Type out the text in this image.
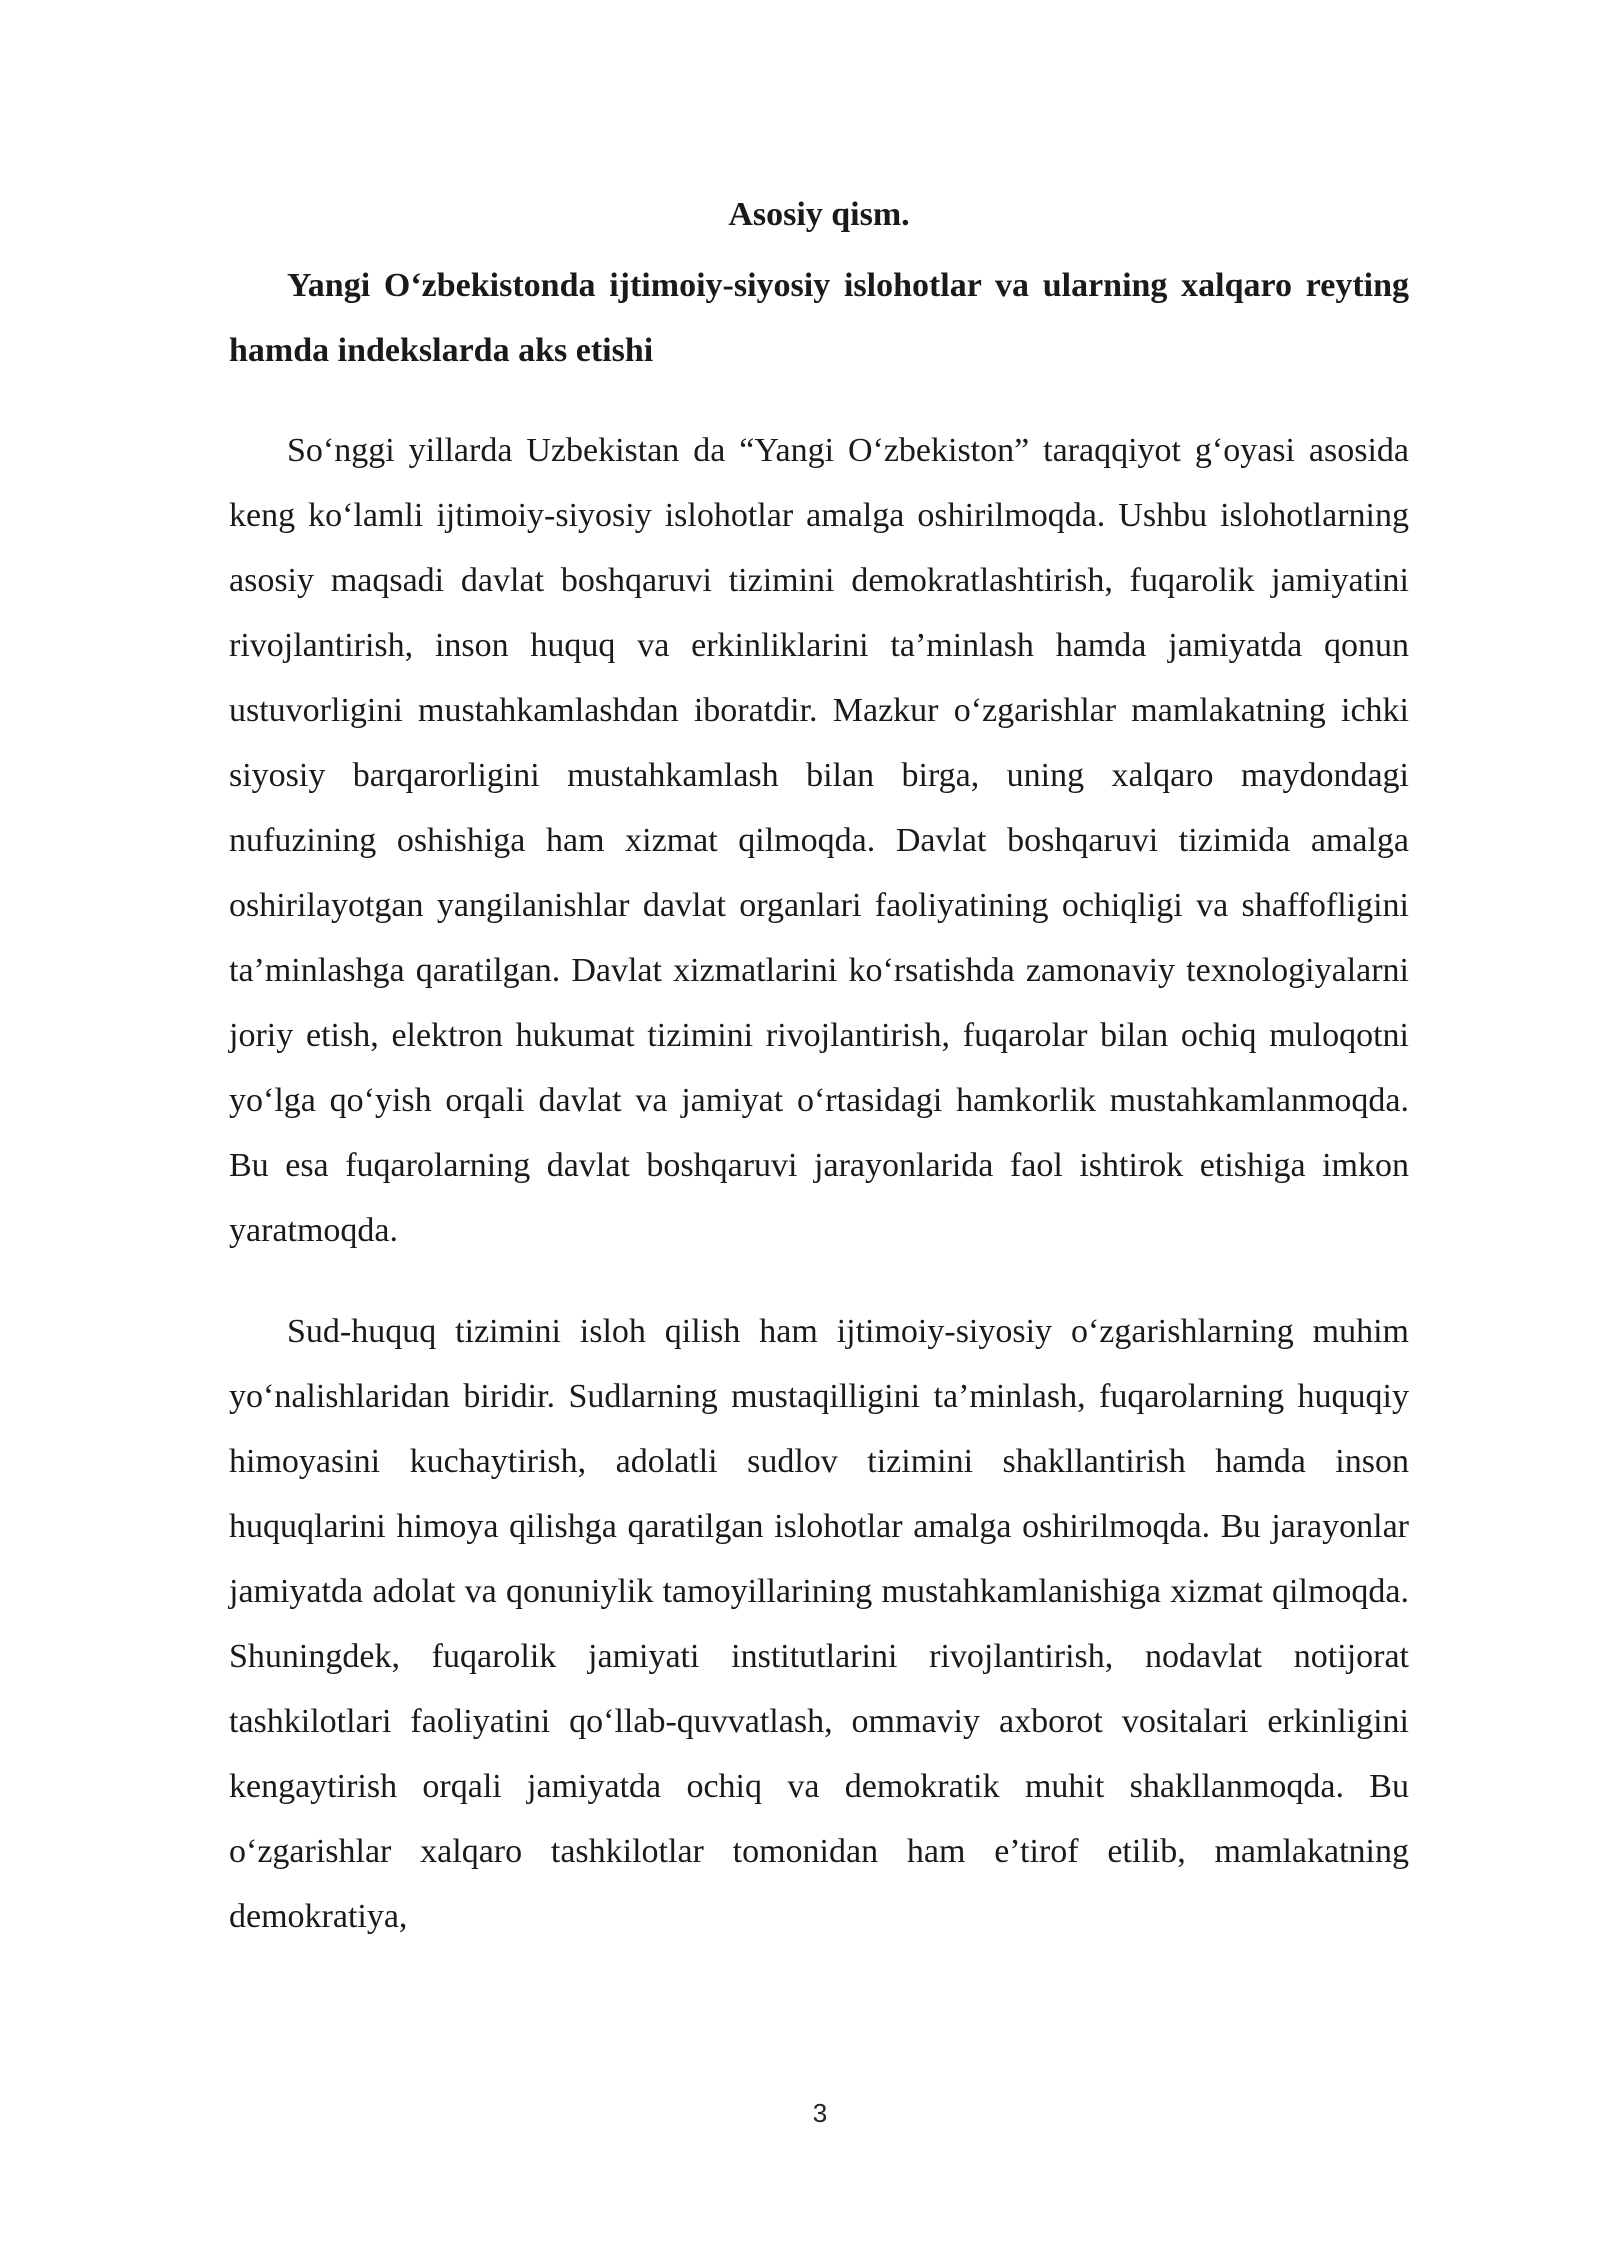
Asosiy qism.

Yangi O‘zbekistonda ijtimoiy-siyosiy islohotlar va ularning xalqaro reyting hamda indekslarda aks etishi

So‘nggi yillarda Uzbekistan da “Yangi O‘zbekiston” taraqqiyot g‘oyasi asosida keng ko‘lamli ijtimoiy-siyosiy islohotlar amalga oshirilmoqda. Ushbu islohotlarning asosiy maqsadi davlat boshqaruvi tizimini demokratlashtirish, fuqarolik jamiyatini rivojlantirish, inson huquq va erkinliklarini ta’minlash hamda jamiyatda qonun ustuvorligini mustahkamlashdan iboratdir. Mazkur o‘zgarishlar mamlakatning ichki siyosiy barqarorligini mustahkamlash bilan birga, uning xalqaro maydondagi nufuzining oshishiga ham xizmat qilmoqda. Davlat boshqaruvi tizimida amalga oshirilayotgan yangilanishlar davlat organlari faoliyatining ochiqligi va shaffofligini ta’minlashga qaratilgan. Davlat xizmatlarini ko‘rsatishda zamonaviy texnologiyalarni joriy etish, elektron hukumat tizimini rivojlantirish, fuqarolar bilan ochiq muloqotni yo‘lga qo‘yish orqali davlat va jamiyat o‘rtasidagi hamkorlik mustahkamlanmoqda. Bu esa fuqarolarning davlat boshqaruvi jarayonlarida faol ishtirok etishiga imkon yaratmoqda.

Sud-huquq tizimini isloh qilish ham ijtimoiy-siyosiy o‘zgarishlarning muhim yo‘nalishlaridan biridir. Sudlarning mustaqilligini ta’minlash, fuqarolarning huquqiy himoyasini kuchaytirish, adolatli sudlov tizimini shakllantirish hamda inson huquqlarini himoya qilishga qaratilgan islohotlar amalga oshirilmoqda. Bu jarayonlar jamiyatda adolat va qonuniylik tamoyillarining mustahkamlanishiga xizmat qilmoqda. Shuningdek, fuqarolik jamiyati institutlarini rivojlantirish, nodavlat notijorat tashkilotlari faoliyatini qo‘llab-quvvatlash, ommaviy axborot vositalari erkinligini kengaytirish orqali jamiyatda ochiq va demokratik muhit shakllanmoqda. Bu o‘zgarishlar xalqaro tashkilotlar tomonidan ham e’tirof etilib, mamlakatning demokratiya,

3
